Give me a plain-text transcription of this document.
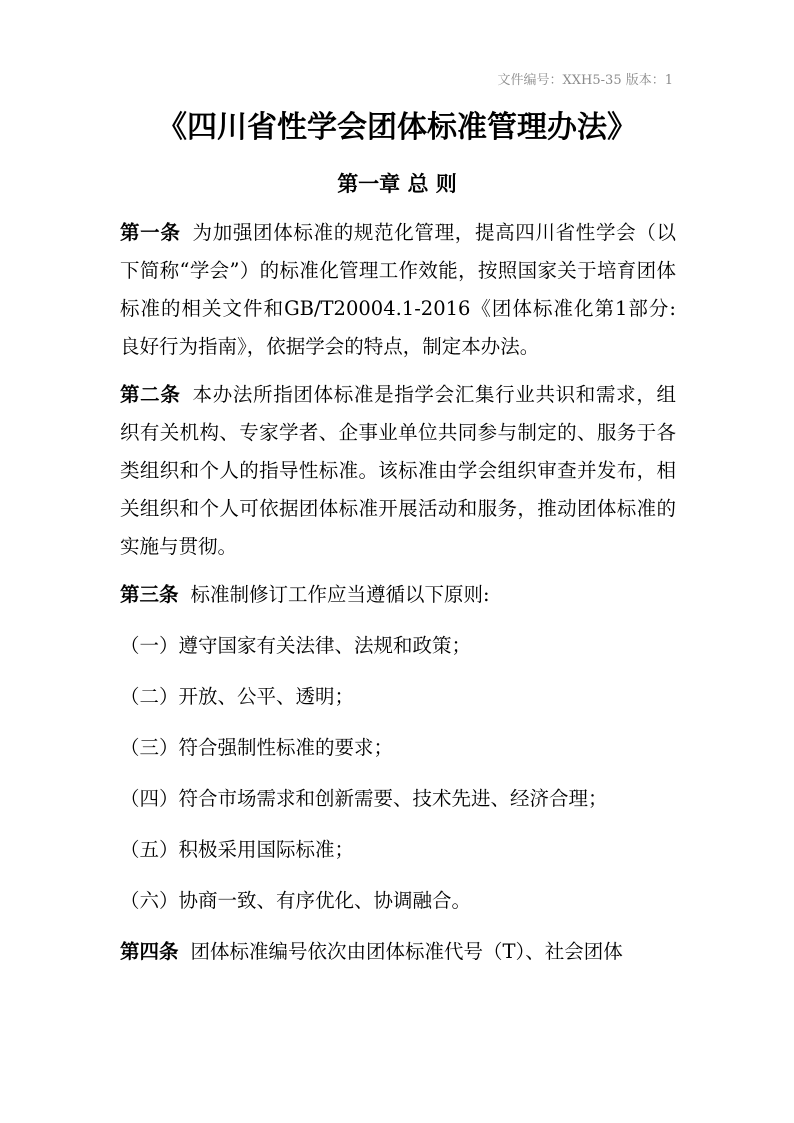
文件编号：XXH5-35 版本：1
《四川省性学会团体标准管理办法》
第一章 总 则

第一条 为加强团体标准的规范化管理，提高四川省性学会（以下简称“学会”）的标准化管理工作效能，按照国家关于培育团体标准的相关文件和GB/T20004.1-2016《团体标准化第1部分:良好行为指南》，依据学会的特点，制定本办法。

第二条 本办法所指团体标准是指学会汇集行业共识和需求，组织有关机构、专家学者、企事业单位共同参与制定的、服务于各类组织和个人的指导性标准。该标准由学会组织审查并发布，相关组织和个人可依据团体标准开展活动和服务，推动团体标准的实施与贯彻。

第三条 标准制修订工作应当遵循以下原则:

（一）遵守国家有关法律、法规和政策；

（二）开放、公平、透明；

（三）符合强制性标准的要求；

（四）符合市场需求和创新需要、技术先进、经济合理；

（五）积极采用国际标准；

（六）协商一致、有序优化、协调融合。

第四条 团体标准编号依次由团体标准代号（T）、社会团体
